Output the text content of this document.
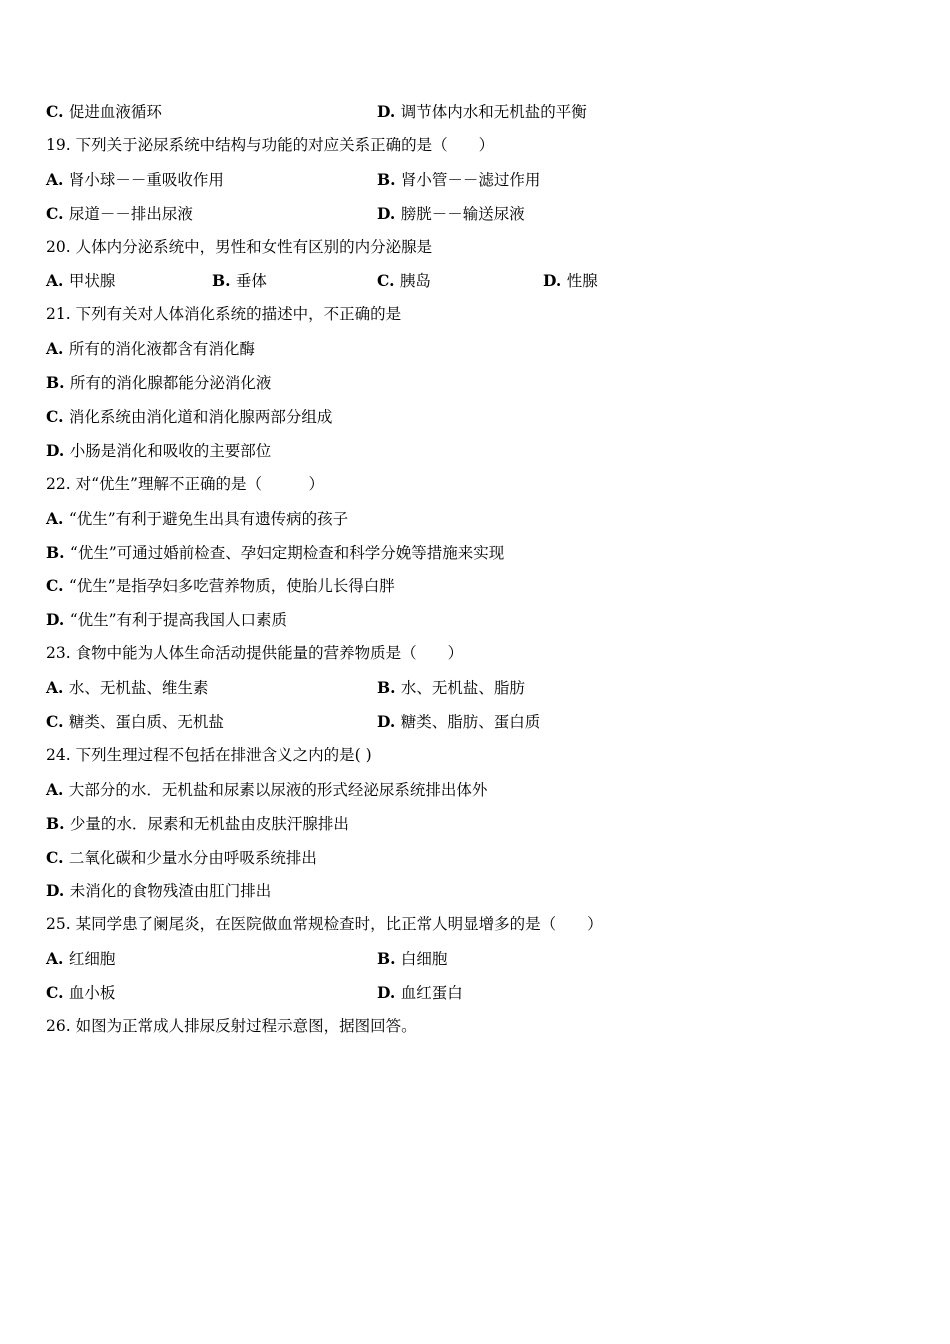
C . 促进血液循环	D . 调节体内水和无机盐的平衡
19 . 下列关于泌尿系统中结构与功能的对应关系正确的是（　　）
A . 肾小球－－重吸收作用	B . 肾小管－－滤过作用
C . 尿道－－排出尿液	D . 膀胱－－输送尿液
20 . 人体内分泌系统中，男性和女性有区别的内分泌腺是
A . 甲状腺	B . 垂体	C . 胰岛	D . 性腺
21 . 下列有关对人体消化系统的描述中，不正确的是
A . 所有的消化液都含有消化酶
B . 所有的消化腺都能分泌消化液
C . 消化系统由消化道和消化腺两部分组成
D . 小肠是消化和吸收的主要部位
22 . 对“优生”理解不正确的是（　　　）
A . “优生”有利于避免生出具有遗传病的孩子
B . “优生”可通过婚前检查、孕妇定期检查和科学分娩等措施来实现
C . “优生”是指孕妇多吃营养物质，使胎儿长得白胖
D . “优生”有利于提高我国人口素质
23 . 食物中能为人体生命活动提供能量的营养物质是（　　）
A . 水、无机盐、维生素	B . 水、无机盐、脂肪
C . 糖类、蛋白质、无机盐	D . 糖类、脂肪、蛋白质
24 . 下列生理过程不包括在排泄含义之内的是( )
A . 大部分的水．无机盐和尿素以尿液的形式经泌尿系统排出体外
B . 少量的水．尿素和无机盐由皮肤汗腺排出
C . 二氧化碳和少量水分由呼吸系统排出
D . 未消化的食物残渣由肛门排出
25 . 某同学患了阑尾炎，在医院做血常规检查时，比正常人明显增多的是（　　）
A . 红细胞	B . 白细胞
C . 血小板	D . 血红蛋白
26 . 如图为正常成人排尿反射过程示意图，据图回答。
